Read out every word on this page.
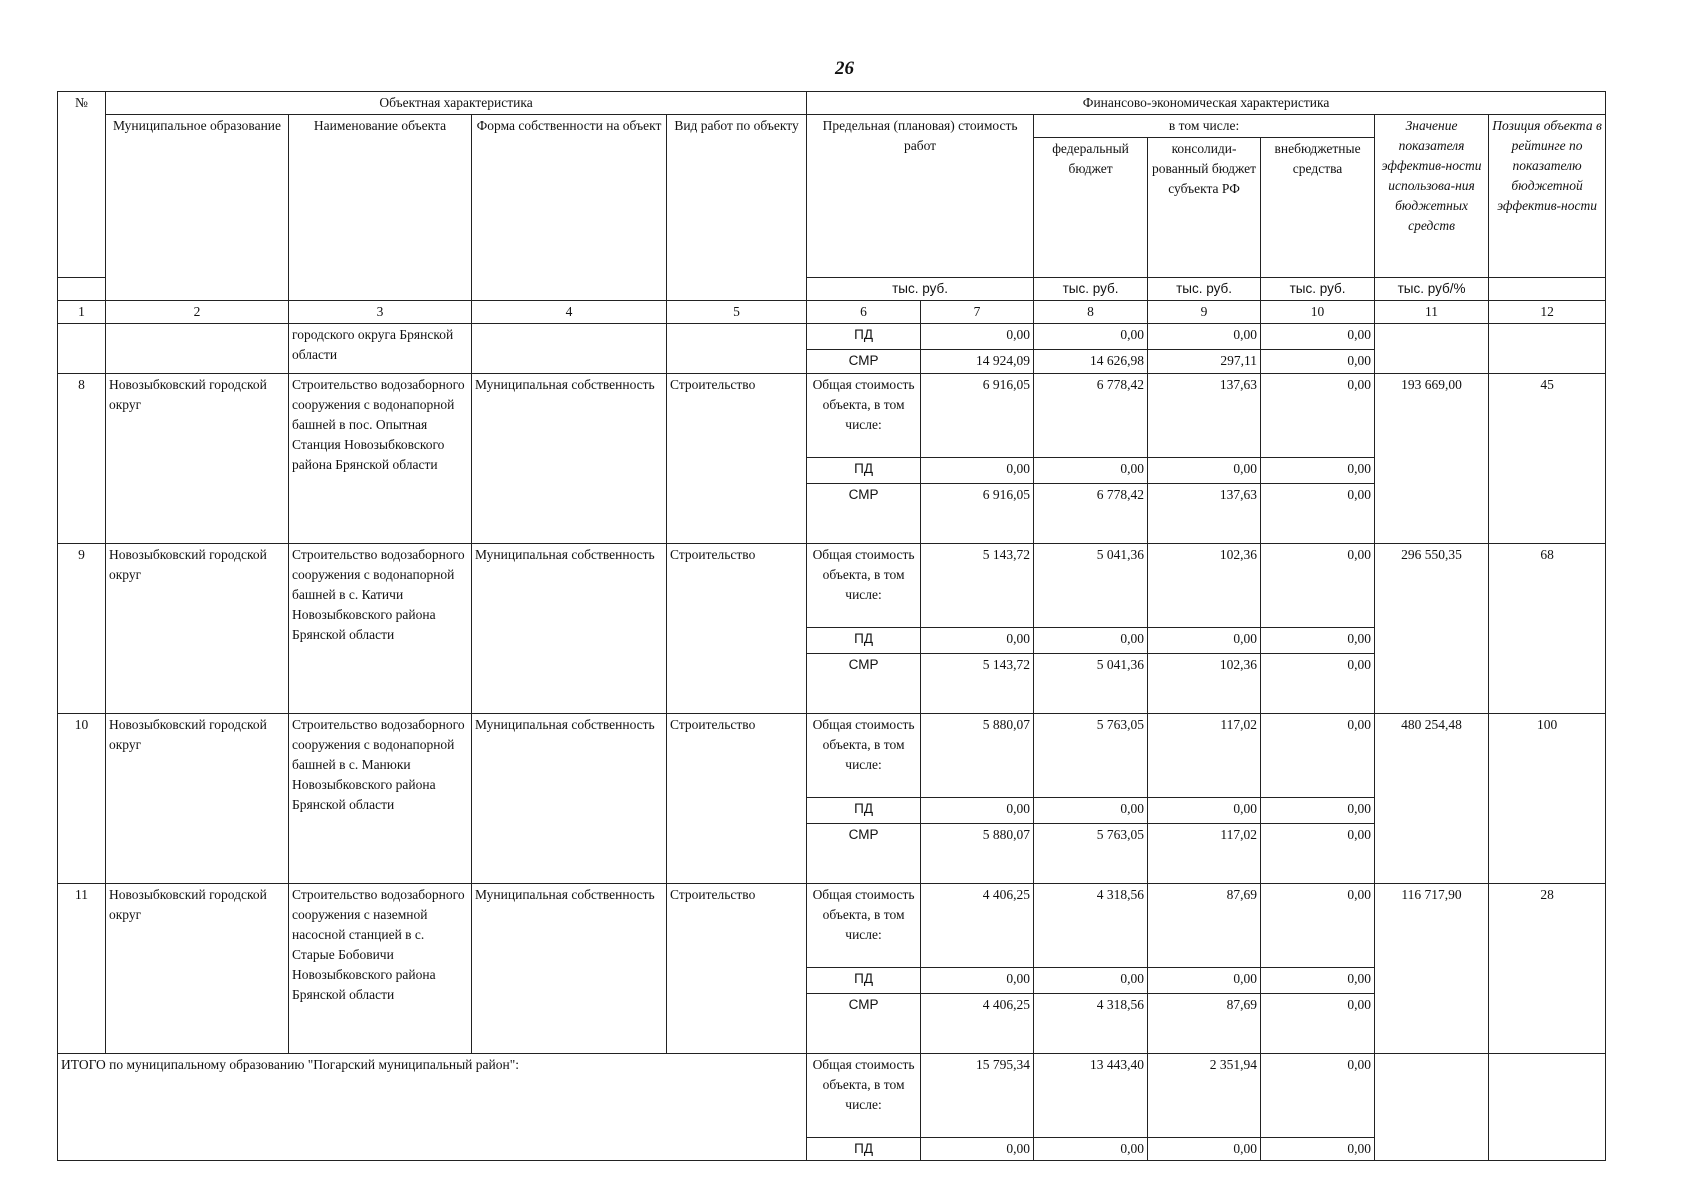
26
№	Объектная характеристика				Финансово-экономическая характеристика						
	Муниципальное образование	Наименование объекта	Форма собственности на объект	Вид работ по объекту	Предельная (плановая) стоимость работ		в том числе:			Значение показателя эффектив-ности использова-ния бюджетных средств	Позиция объекта в рейтинге по показателю бюджетной эффектив-ности
							федеральный бюджет	консолиди-рованный бюджет субъекта РФ	внебюджетные средства		
					тыс. руб.		тыс. руб.	тыс. руб.	тыс. руб.	тыс. руб/%	
1	2	3	4	5	6	7	8	9	10	11	12
		городского округа Брянской области			ПД	0,00	0,00	0,00	0,00		
					СМР	14 924,09	14 626,98	297,11	0,00		
8	Новозыбковский городской округ	Строительство водозаборного сооружения с водонапорной башней в пос. Опытная Станция Новозыбковского района Брянской области	Муниципальная собственность	Строительство	Общая стоимость объекта, в том числе:	6 916,05	6 778,42	137,63	0,00	193 669,00	45
					ПД	0,00	0,00	0,00	0,00		
					СМР	6 916,05	6 778,42	137,63	0,00		
9	Новозыбковский городской округ	Строительство водозаборного сооружения с водонапорной башней в с. Катичи Новозыбковского района Брянской области	Муниципальная собственность	Строительство	Общая стоимость объекта, в том числе:	5 143,72	5 041,36	102,36	0,00	296 550,35	68
					ПД	0,00	0,00	0,00	0,00		
					СМР	5 143,72	5 041,36	102,36	0,00		
10	Новозыбковский городской округ	Строительство водозаборного сооружения с водонапорной башней в с. Манюки Новозыбковского района Брянской области	Муниципальная собственность	Строительство	Общая стоимость объекта, в том числе:	5 880,07	5 763,05	117,02	0,00	480 254,48	100
					ПД	0,00	0,00	0,00	0,00		
					СМР	5 880,07	5 763,05	117,02	0,00		
11	Новозыбковский городской округ	Строительство водозаборного сооружения с наземной насосной станцией в с. Старые Бобовичи Новозыбковского района Брянской области	Муниципальная собственность	Строительство	Общая стоимость объекта, в том числе:	4 406,25	4 318,56	87,69	0,00	116 717,90	28
					ПД	0,00	0,00	0,00	0,00		
					СМР	4 406,25	4 318,56	87,69	0,00		
ИТОГО по муниципальному образованию "Погарский муниципальный район":					Общая стоимость объекта, в том числе:	15 795,34	13 443,40	2 351,94	0,00		
					ПД	0,00	0,00	0,00	0,00		
